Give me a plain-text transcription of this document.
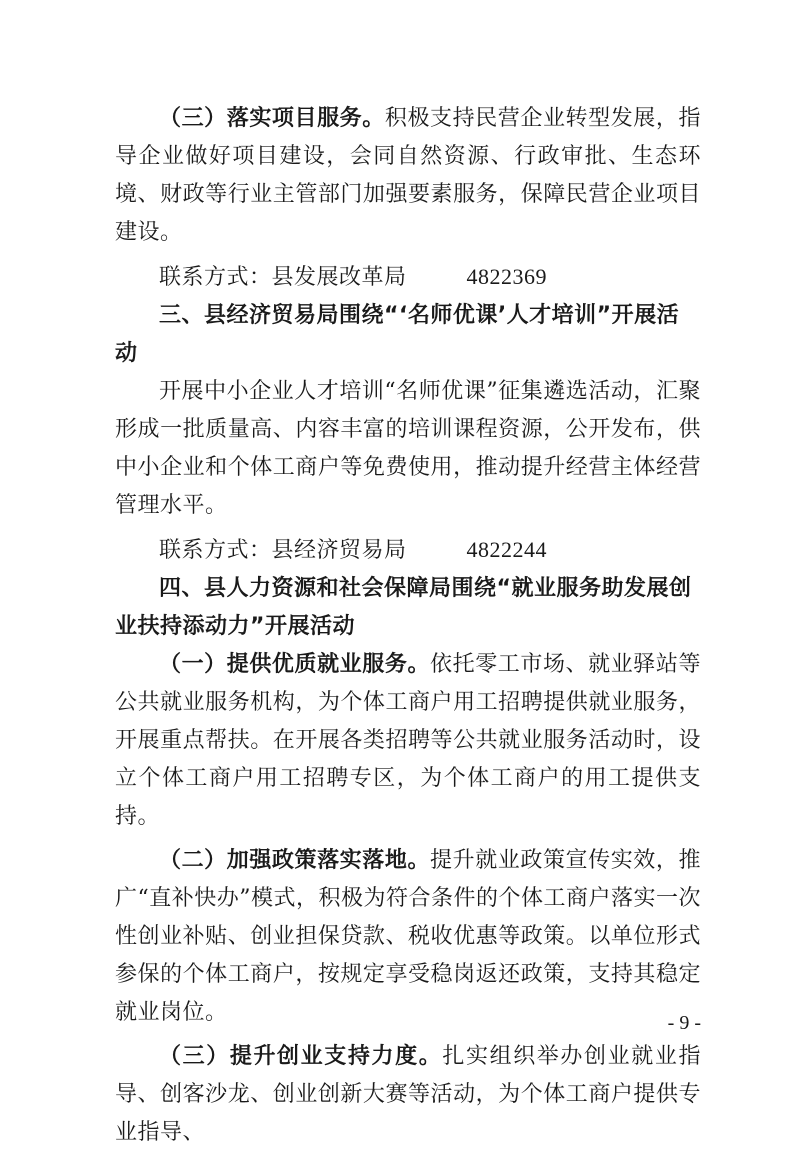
（三）落实项目服务。积极支持民营企业转型发展，指导企业做好项目建设，会同自然资源、行政审批、生态环境、财政等行业主管部门加强要素服务，保障民营企业项目建设。

联系方式：县发展改革局	4822369

三、县经济贸易局围绕“‘名师优课’人才培训”开展活动

开展中小企业人才培训“名师优课”征集遴选活动，汇聚形成一批质量高、内容丰富的培训课程资源，公开发布，供中小企业和个体工商户等免费使用，推动提升经营主体经营管理水平。

联系方式：县经济贸易局	4822244

四、县人力资源和社会保障局围绕“就业服务助发展创业扶持添动力”开展活动

（一）提供优质就业服务。依托零工市场、就业驿站等公共就业服务机构，为个体工商户用工招聘提供就业服务，开展重点帮扶。在开展各类招聘等公共就业服务活动时，设立个体工商户用工招聘专区，为个体工商户的用工提供支持。

（二）加强政策落实落地。提升就业政策宣传实效，推广“直补快办”模式，积极为符合条件的个体工商户落实一次性创业补贴、创业担保贷款、税收优惠等政策。以单位形式参保的个体工商户，按规定享受稳岗返还政策，支持其稳定就业岗位。

（三）提升创业支持力度。扎实组织举办创业就业指导、创客沙龙、创业创新大赛等活动，为个体工商户提供专业指导、

- 9 -
